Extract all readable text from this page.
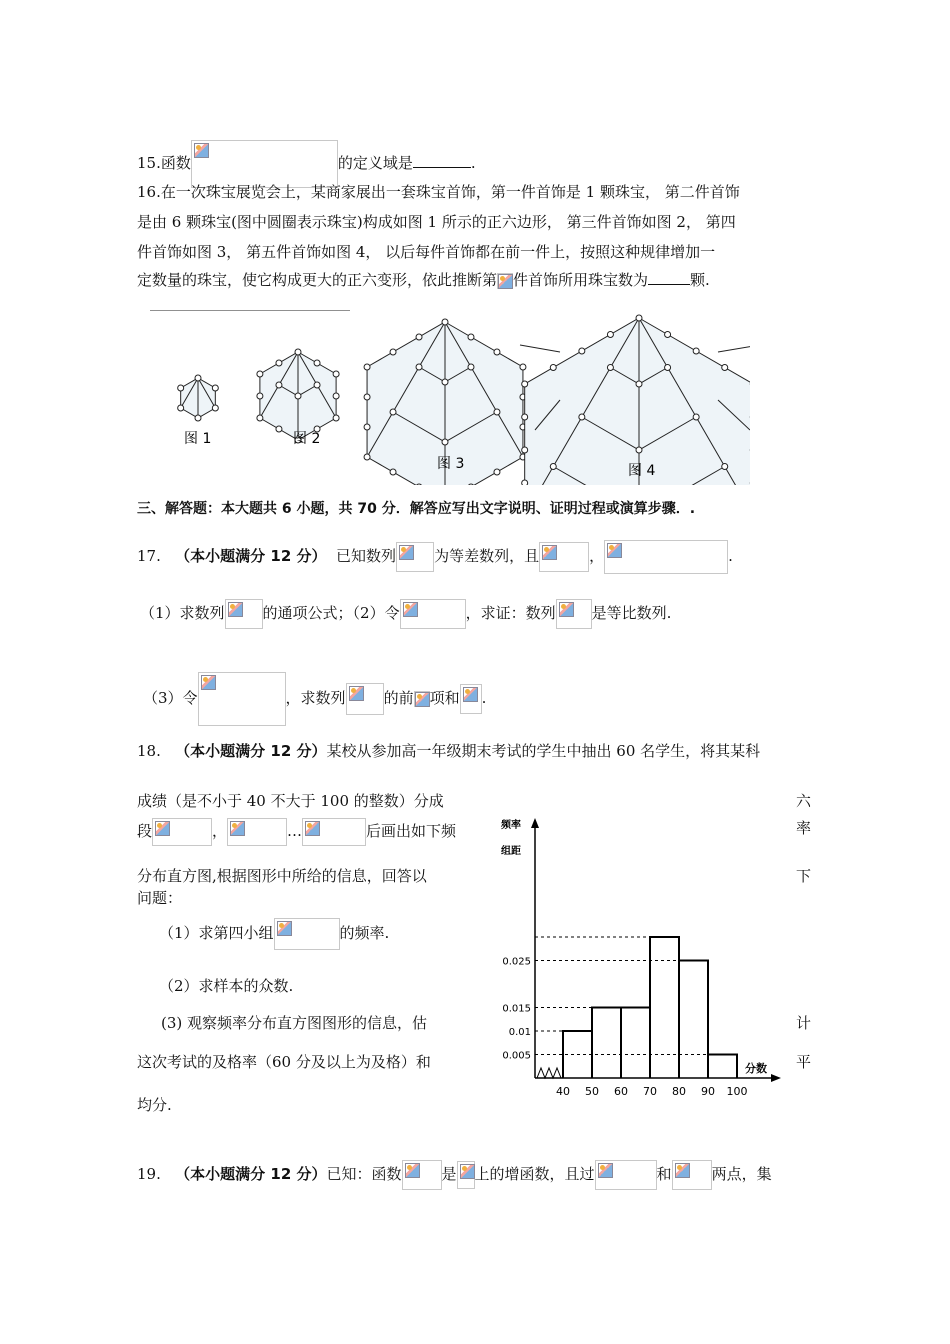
15.函数	的定义域是	.
16.在一次珠宝展览会上，某商家展出一套珠宝首饰，第一件首饰是 1 颗珠宝， 第二件首饰
是由 6 颗珠宝(图中圆圈表示珠宝)构成如图 1 所示的正六边形， 第三件首饰如图 2， 第四
件首饰如图 3， 第五件首饰如图 4， 以后每件首饰都在前一件上，按照这种规律增加一
定数量的珠宝，使它构成更大的正六变形，依此推断第 件首饰所用珠宝数为	颗.
图 1	图 2
图 3	图 4
三、解答题：本大题共 6 小题，共 70 分．解答应写出文字说明、证明过程或演算步骤．.
17. （本小题满分 12 分） 已知数列	为等差数列，且	，	.
（1）求数列	的通项公式；（2）令	，求证：数列 是等比数列.
（3）令	，求数列	的前 项和 .
18. （本小题满分 12 分）某校从参加高一年级期末考试的学生中抽出 60 名学生，将其某科
成绩（是不小于 40 不大于 100 的整数）分成	六
段	，	…	后画出如下频	率
分布直方图,根据图形中所给的信息，回答以	下
问题：
（1）求第四小组	的频率.
（2）求样本的众数.
(3) 观察频率分布直方图图形的信息，估	计
这次考试的及格率（60 分及以上为及格）和	平
均分.
频率
组距
分数
0.005
0.01
0.015
0.025
40 50 60 70 80 90 100
19. （本小题满分 12 分）已知：函数	是 上的增函数，且过	和	两点，集
